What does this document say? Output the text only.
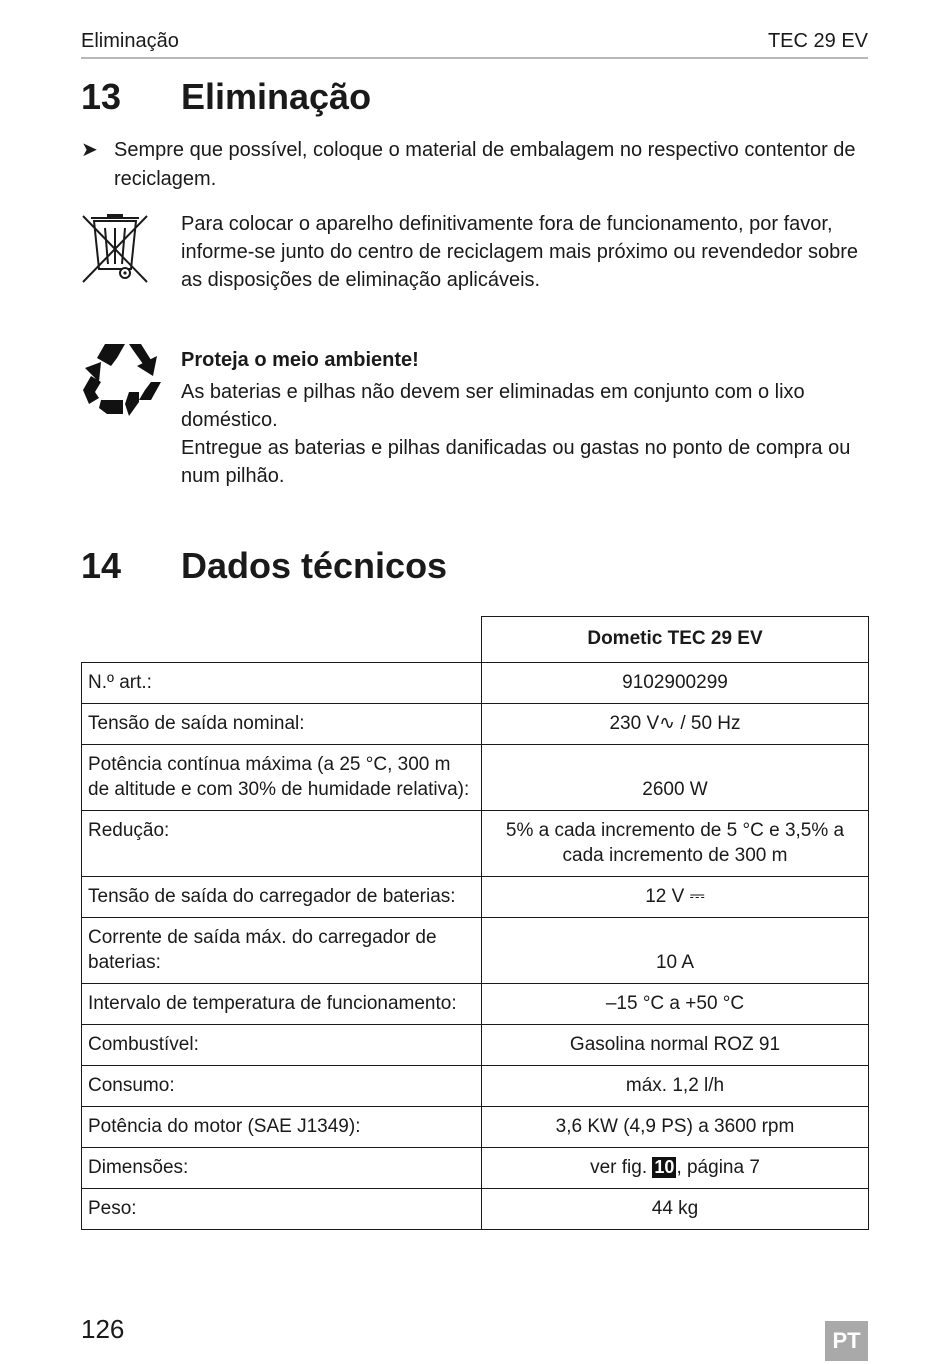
Eliminação	TEC 29 EV
13	Eliminação
➤ Sempre que possível, coloque o material de embalagem no respectivo contentor de reciclagem.
Para colocar o aparelho definitivamente fora de funcionamento, por favor, informe-se junto do centro de reciclagem mais próximo ou revendedor sobre as disposições de eliminação aplicáveis.
Proteja o meio ambiente!
As baterias e pilhas não devem ser eliminadas em conjunto com o lixo doméstico.
Entregue as baterias e pilhas danificadas ou gastas no ponto de compra ou num pilhão.
14	Dados técnicos
	Dometic TEC 29 EV
N.º art.:	9102900299
Tensão de saída nominal:	230 V∿ / 50 Hz
Potência contínua máxima (a 25 °C, 300 m de altitude e com 30% de humidade relativa):	2600 W
Redução:	5% a cada incremento de 5 °C e 3,5% a cada incremento de 300 m
Tensão de saída do carregador de baterias:	12 V ⎓
Corrente de saída máx. do carregador de baterias:	10 A
Intervalo de temperatura de funcionamento:	–15 °C a +50 °C
Combustível:	Gasolina normal ROZ 91
Consumo:	máx. 1,2 l/h
Potência do motor (SAE J1349):	3,6 KW (4,9 PS) a 3600 rpm
Dimensões:	ver fig. 10 , página 7
Peso:	44 kg
126	PT
